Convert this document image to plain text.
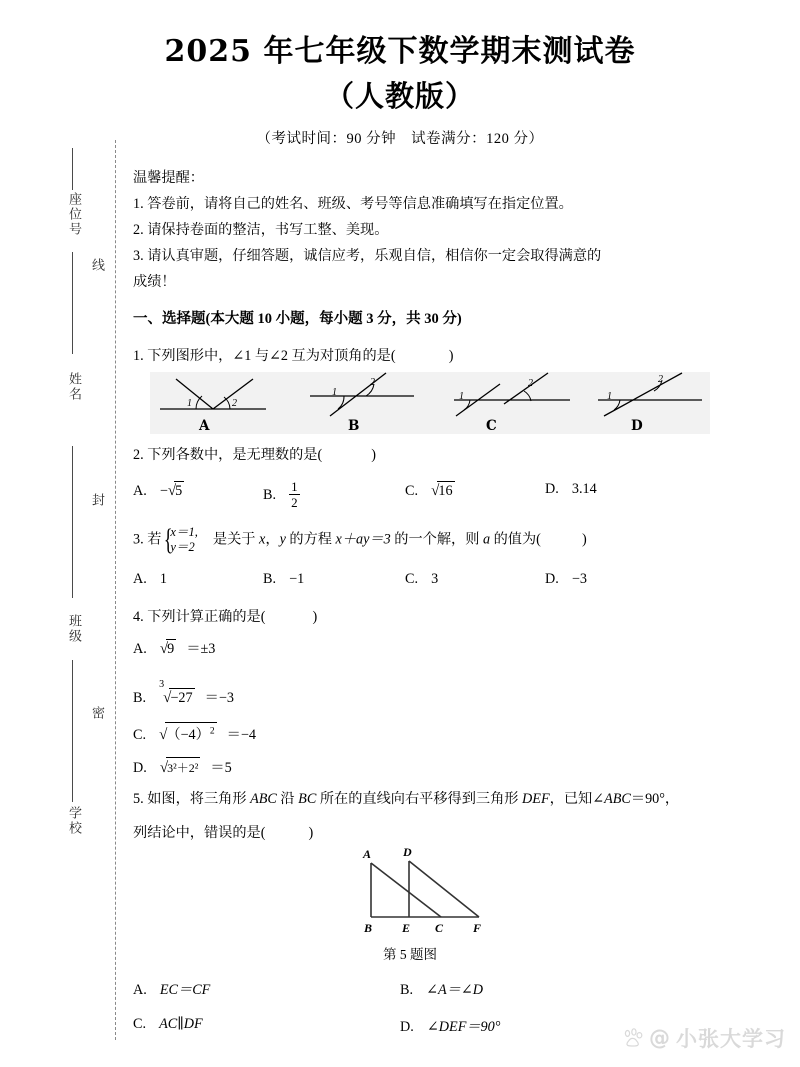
座位号
线
姓名
封
班级
密
学校
2025 年七年级下数学期末测试卷
（人教版）
（考试时间：90 分钟　试卷满分：120 分）
温馨提醒：
1. 答卷前，请将自己的姓名、班级、考号等信息准确填写在指定位置。
2. 请保持卷面的整洁，书写工整、美现。
3. 请认真审题，仔细答题，诚信应考，乐观自信，相信你一定会取得满意的
成绩！
一、选择题(本大题 10 小题，每小题 3 分，共 30 分)
1. 下列图形中，∠1 与∠2 互为对顶角的是(	)
1	2
A
1
2
B
1
2
C
1
2
D
2. 下列各数中，是无理数的是(	)
A. −√5	B. $\frac{1}{2}$	C. √16	D. 3.14
3. 若 {
x＝1,
y＝2 是关于 x，y 的方程 x＋ay＝3 的一个解，则 a 的值为(	)
A. 1	B. −1	C. 3	D. −3
4. 下列计算正确的是(	)
A. √9 ＝±3
B.
3
√−27 ＝−3
C. $√(-4)^2 =-4$
D. √3²＋2² ＝5
5. 如图，将三角形 ABC 沿 BC 所在的直线向右平移得到三角形 DEF，已知∠ABC＝90°，
列结论中，错误的是(	)
A	D
B E C F
第 5 题图
A. EC＝CF	B. ∠A＝∠D
C. AC∥DF	D. ∠DEF＝90°	@ 小张大学习
